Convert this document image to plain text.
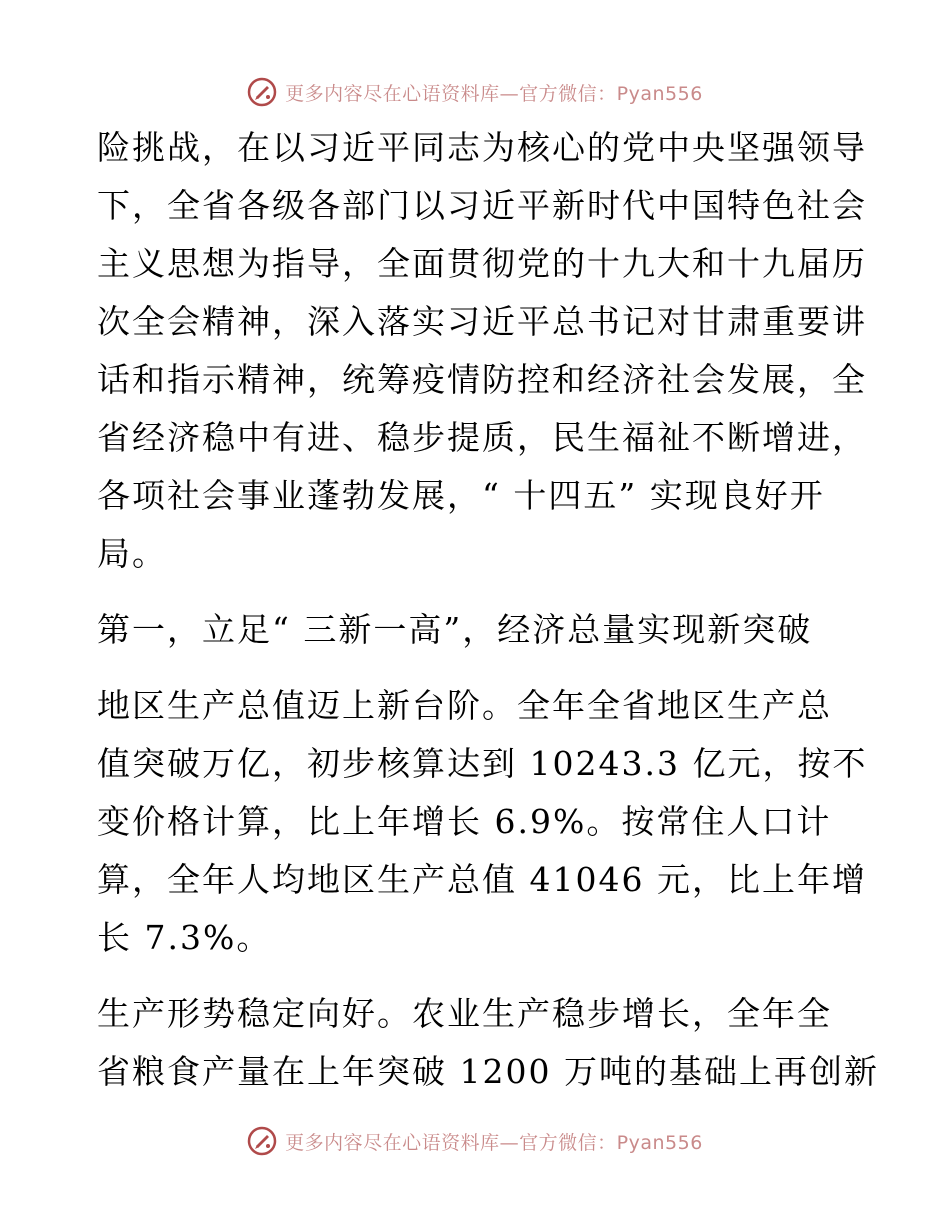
更多内容尽在心语资料库—官方微信：Pyan556
险挑战，在以习近平同志为核心的党中央坚强领导
下，全省各级各部门以习近平新时代中国特色社会
主义思想为指导，全面贯彻党的十九大和十九届历
次全会精神，深入落实习近平总书记对甘肃重要讲
话和指示精神，统筹疫情防控和经济社会发展，全
省经济稳中有进、稳步提质，民生福祉不断增进，
各项社会事业蓬勃发展，“ 十四五” 实现良好开
局。
第一，立足“ 三新一高”，经济总量实现新突破
地区生产总值迈上新台阶。全年全省地区生产总
值突破万亿，初步核算达到 10243.3 亿元，按不
变价格计算，比上年增长 6.9%。按常住人口计
算，全年人均地区生产总值 41046 元，比上年增
长 7.3%。
生产形势稳定向好。农业生产稳步增长，全年全
省粮食产量在上年突破 1200 万吨的基础上再创新
更多内容尽在心语资料库—官方微信：Pyan556
